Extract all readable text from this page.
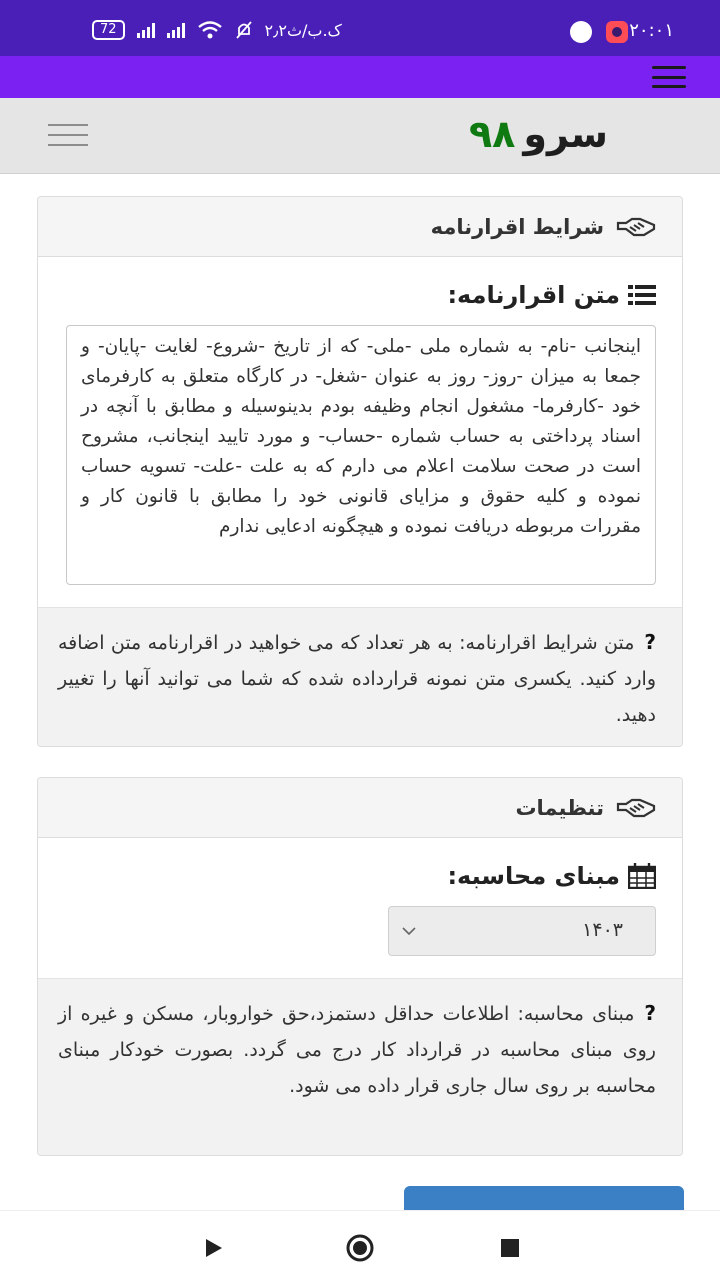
72	۲٫۲ک.ب/ث	۲۰:۰۱
سرو۹۸
شرایط اقرارنامه
متن اقرارنامه:
اینجانب -نام- به شماره ملی -ملی- که از تاریخ -شروع- لغایت -پایان- و جمعا به میزان -روز- روز به عنوان -شغل- در کارگاه متعلق به کارفرمای خود -کارفرما- مشغول انجام وظیفه بودم بدینوسیله و مطابق با آنچه در اسناد پرداختی به حساب شماره -حساب- و مورد تایید اینجانب، مشروح است در صحت سلامت اعلام می دارم که به علت -علت- تسویه حساب نموده و کلیه حقوق و مزایای قانونی خود را مطابق با قانون کار و مقررات مربوطه دریافت نموده و هیچگونه ادعایی ندارم
?متن شرایط اقرارنامه: به هر تعداد که می خواهید در اقرارنامه متن اضافه وارد کنید. یکسری متن نمونه قرارداده شده که شما می توانید آنها را تغییر دهید.
تنظیمات
مبنای محاسبه:
۱۴۰۳
?مبنای محاسبه: اطلاعات حداقل دستمزد،حق خواروبار، مسکن و غیره از روی مبنای محاسبه در قرارداد کار درج می گردد. بصورت خودکار مبنای محاسبه بر روی سال جاری قرار داده می شود.
